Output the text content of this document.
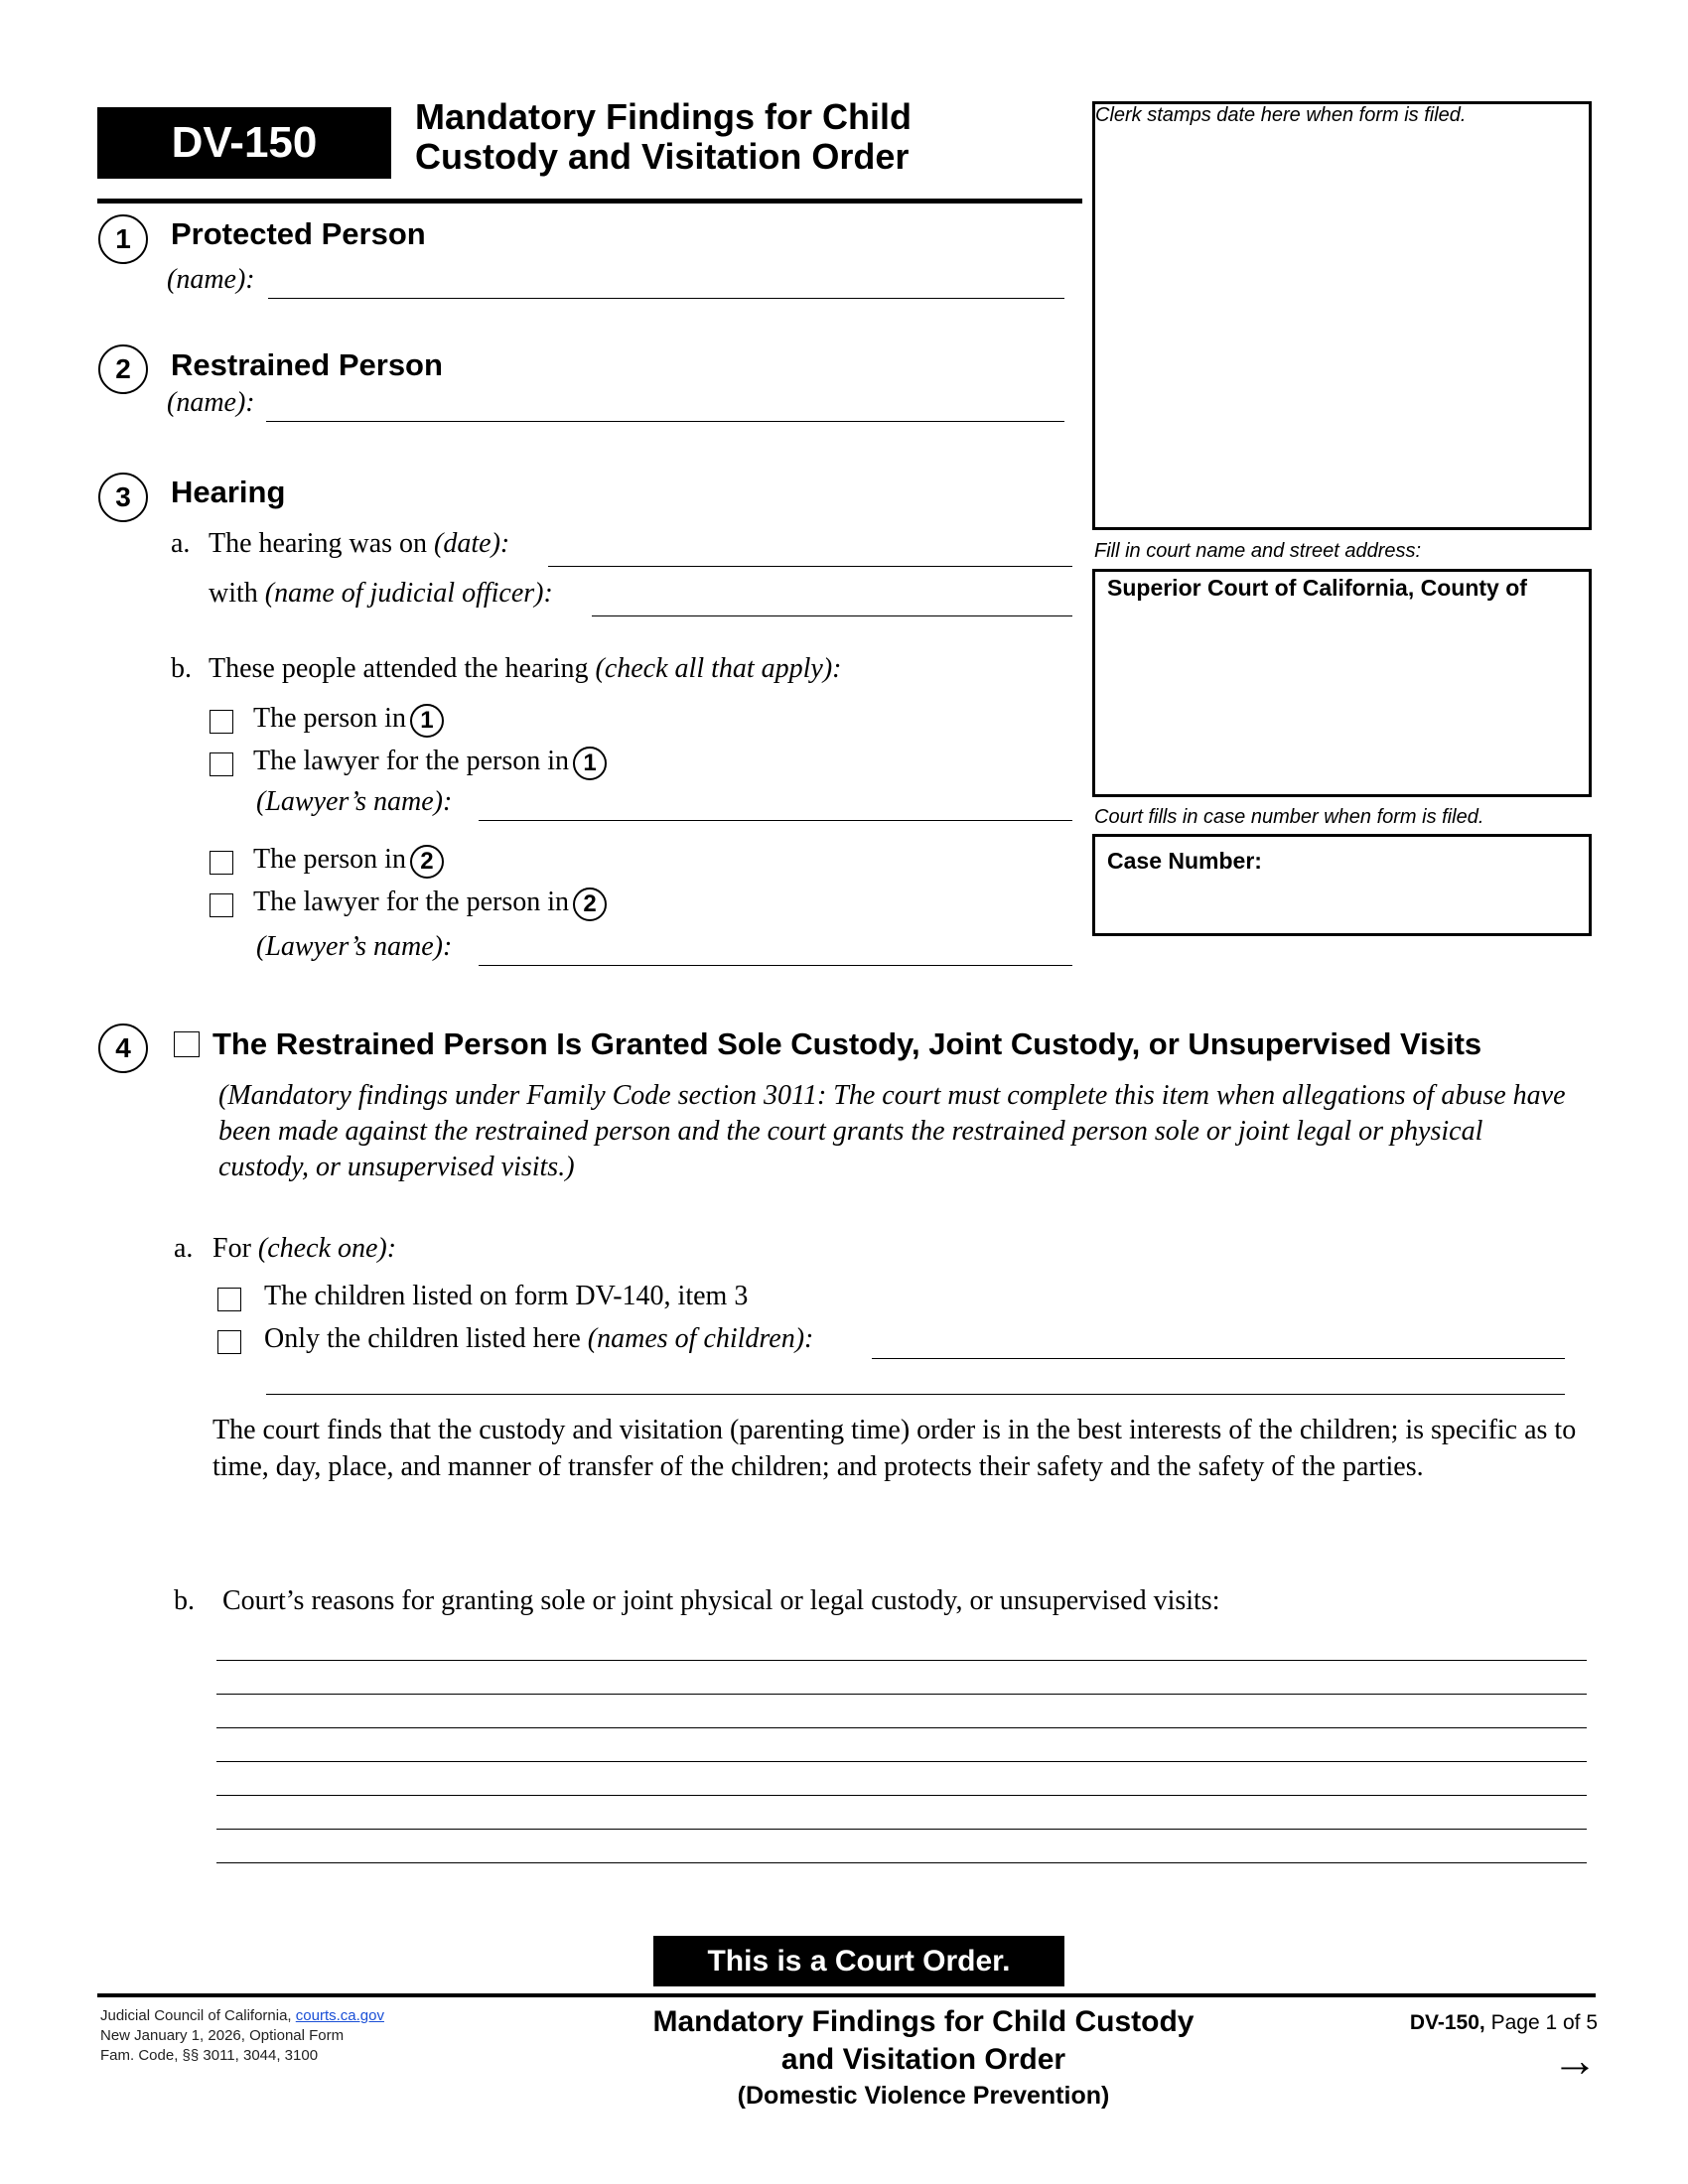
DV-150
Mandatory Findings for Child
Custody and Visitation Order
Clerk stamps date here when form is filed.
Fill in court name and street address:
Superior Court of California, County of
Court fills in case number when form is filed.
Case Number:
1	Protected Person
(name):
2	Restrained Person
(name):
3	Hearing
a. The hearing was on (date):
with (name of judicial officer):
b. These people attended the hearing (check all that apply):
The person in 1
The lawyer for the person in 1
(Lawyer’s name):
The person in 2
The lawyer for the person in 2
(Lawyer’s name):
4	The Restrained Person Is Granted Sole Custody, Joint Custody, or Unsupervised Visits
(Mandatory findings under Family Code section 3011: The court must complete this item when allegations of abuse have been made against the restrained person and the court grants the restrained person sole or joint legal or physical custody, or unsupervised visits.)
a. For (check one):
The children listed on form DV-140, item 3
Only the children listed here (names of children):
The court finds that the custody and visitation (parenting time) order is in the best interests of the children; is specific as to time, day, place, and manner of transfer of the children; and protects their safety and the safety of the parties.
b. Court’s reasons for granting sole or joint physical or legal custody, or unsupervised visits:
This is a Court Order.
Judicial Council of California, courts.ca.gov
New January 1, 2026, Optional Form
Fam. Code, §§ 3011, 3044, 3100
Mandatory Findings for Child Custody
and Visitation Order
(Domestic Violence Prevention)
DV-150, Page 1 of 5
→
